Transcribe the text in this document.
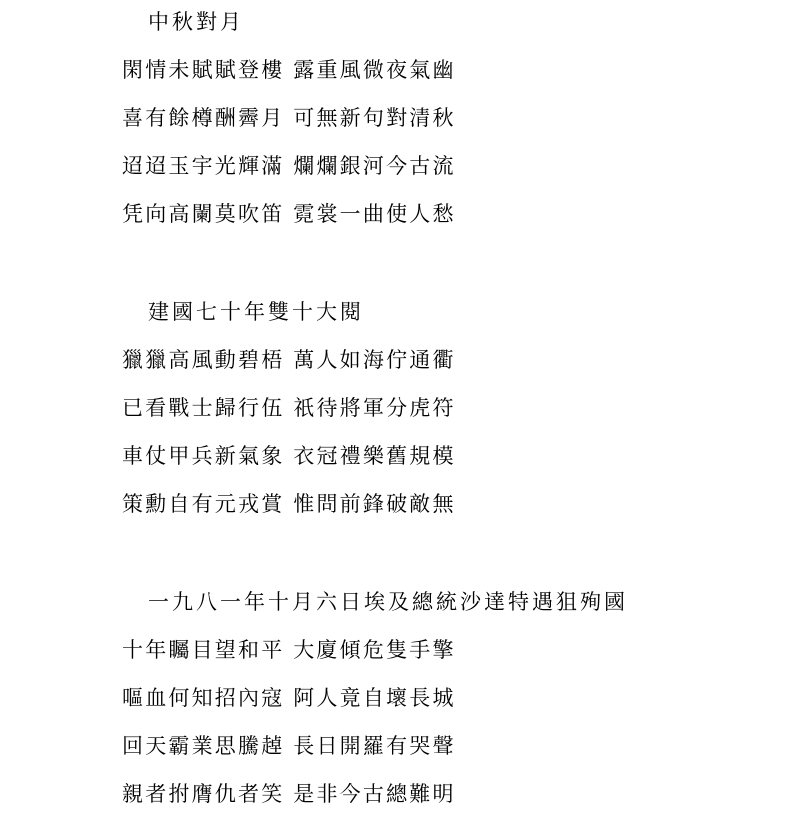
中秋對月
閑情未賦賦登樓 露重風微夜氣幽
喜有餘樽酬霽月 可無新句對清秋
迢迢玉宇光輝滿 爛爛銀河今古流
凭向高闌莫吹笛 霓裳一曲使人愁
建國七十年雙十大閱
獵獵高風動碧梧 萬人如海佇通衢
已看戰士歸行伍 祇待將軍分虎符
車仗甲兵新氣象 衣冠禮樂舊規模
策勳自有元戎賞 惟問前鋒破敵無
一九八一年十月六日埃及總統沙達特遇狙殉國
十年矚目望和平 大廈傾危隻手擎
嘔血何知招內寇 阿人竟自壞長城
回天霸業思騰趠 長日開羅有哭聲
親者拊膺仇者笑 是非今古總難明
